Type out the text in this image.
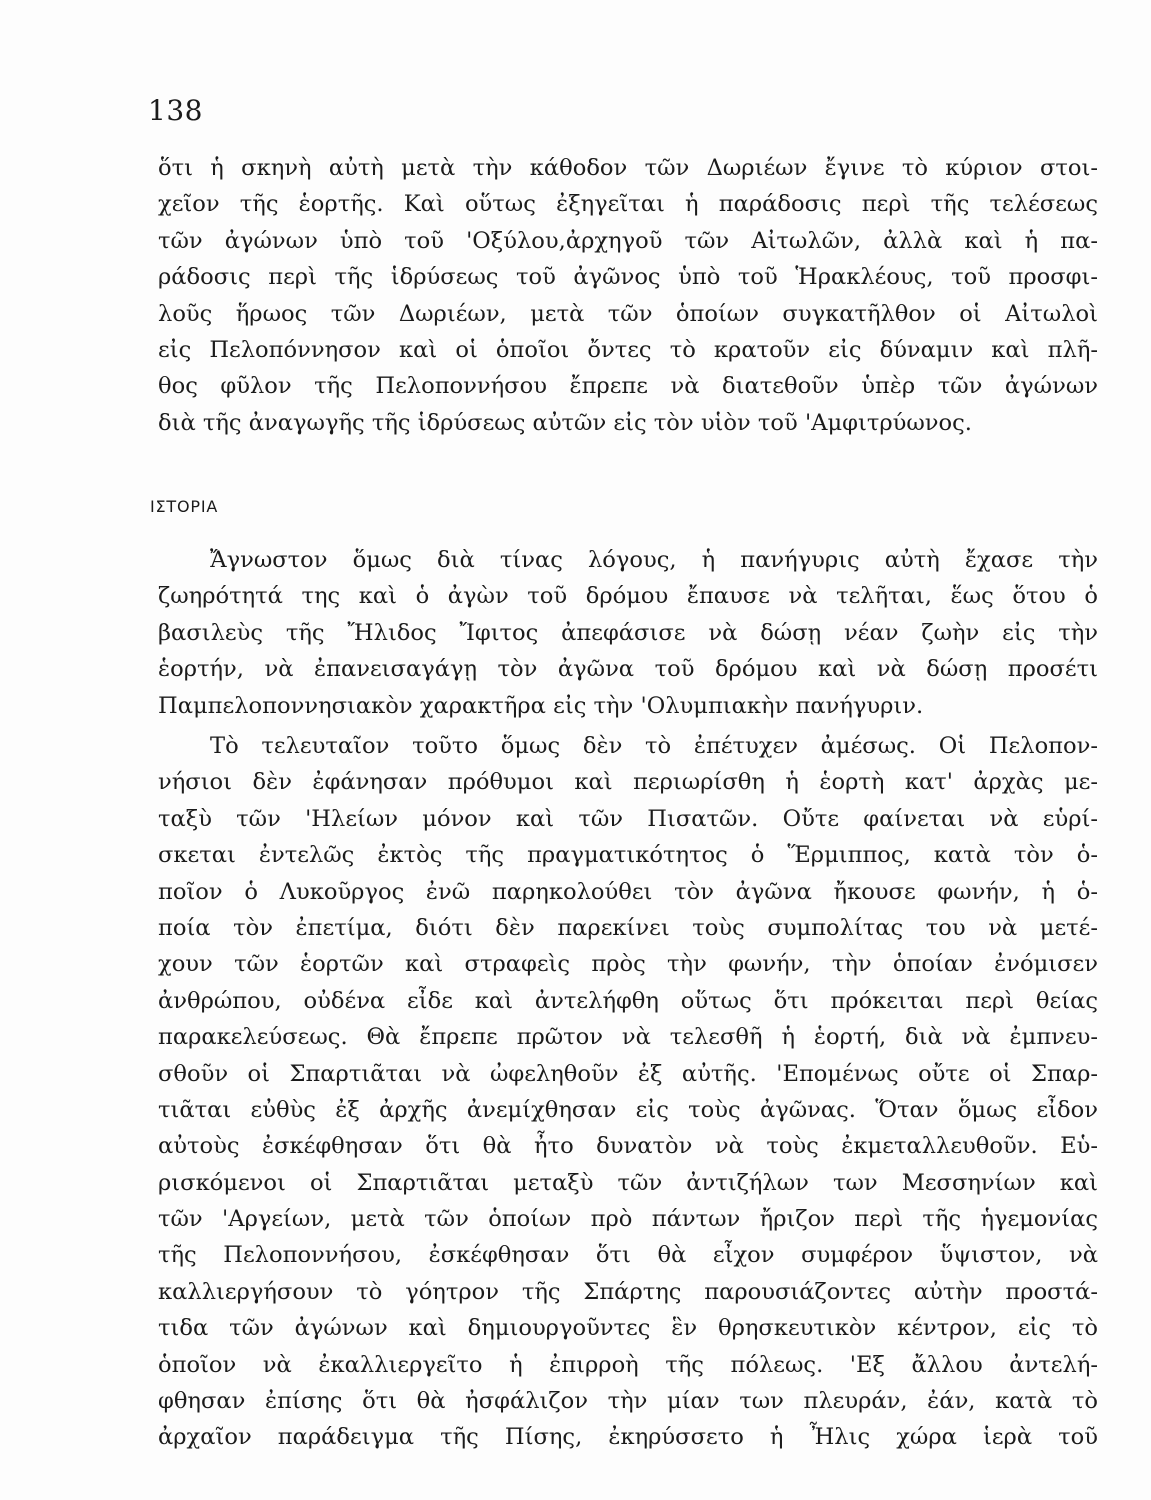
138
ὅτι ἡ σκηνὴ αὐτὴ μετὰ τὴν κάθοδον τῶν Δωριέων ἔγινε τὸ κύριον στοι-
χεῖον τῆς ἑορτῆς. Καὶ οὕτως ἐξηγεῖται ἡ παράδοσις περὶ τῆς τελέσεως
τῶν ἀγώνων ὑπὸ τοῦ 'Οξύλου,ἀρχηγοῦ τῶν Αἰτωλῶν, ἀλλὰ καὶ ἡ πα-
ράδοσις περὶ τῆς ἱδρύσεως τοῦ ἀγῶνος ὑπὸ τοῦ Ἡρακλέους, τοῦ προσφι-
λοῦς ἥρωος τῶν Δωριέων, μετὰ τῶν ὁποίων συγκατῆλθον οἱ Αἰτωλοὶ
εἰς Πελοπόννησον καὶ οἱ ὁποῖοι ὄντες τὸ κρατοῦν εἰς δύναμιν καὶ πλῆ-
θος φῦλον τῆς Πελοποννήσου ἔπρεπε νὰ διατεθοῦν ὑπὲρ τῶν ἀγώνων
διὰ τῆς ἀναγωγῆς τῆς ἱδρύσεως αὐτῶν εἰς τὸν υἱὸν τοῦ 'Αμφιτρύωνος.
ΙΣΤΟΡΙΑ
Ἄγνωστον ὅμως διὰ τίνας λόγους, ἡ πανήγυρις αὐτὴ ἔχασε τὴν
ζωηρότητά της καὶ ὁ ἀγὼν τοῦ δρόμου ἔπαυσε νὰ τελῆται, ἕως ὅτου ὁ
βασιλεὺς τῆς Ἤλιδος Ἴφιτος ἀπεφάσισε νὰ δώσῃ νέαν ζωὴν εἰς τὴν
ἑορτήν, νὰ ἐπανεισαγάγῃ τὸν ἀγῶνα τοῦ δρόμου καὶ νὰ δώσῃ προσέτι
Παμπελοποννησιακὸν χαρακτῆρα εἰς τὴν 'Ολυμπιακὴν πανήγυριν.
Τὸ τελευταῖον τοῦτο ὅμως δὲν τὸ ἐπέτυχεν ἀμέσως. Οἱ Πελοπον-
νήσιοι δὲν ἐφάνησαν πρόθυμοι καὶ περιωρίσθη ἡ ἑορτὴ κατ' ἀρχὰς με-
ταξὺ τῶν 'Ηλείων μόνον καὶ τῶν Πισατῶν. Οὔτε φαίνεται νὰ εὑρί-
σκεται ἐντελῶς ἐκτὸς τῆς πραγματικότητος ὁ Ἕρμιππος, κατὰ τὸν ὁ-
ποῖον ὁ Λυκοῦργος ἐνῶ παρηκολούθει τὸν ἀγῶνα ἤκουσε φωνήν, ἡ ὁ-
ποία τὸν ἐπετίμα, διότι δὲν παρεκίνει τοὺς συμπολίτας του νὰ μετέ-
χουν τῶν ἑορτῶν καὶ στραφεὶς πρὸς τὴν φωνήν, τὴν ὁποίαν ἐνόμισεν
ἀνθρώπου, οὐδένα εἶδε καὶ ἀντελήφθη οὕτως ὅτι πρόκειται περὶ θείας
παρακελεύσεως. Θὰ ἔπρεπε πρῶτον νὰ τελεσθῆ ἡ ἑορτή, διὰ νὰ ἐμπνευ-
σθοῦν οἱ Σπαρτιᾶται νὰ ὠφεληθοῦν ἐξ αὐτῆς. 'Επομένως οὔτε οἱ Σπαρ-
τιᾶται εὐθὺς ἐξ ἀρχῆς ἀνεμίχθησαν εἰς τοὺς ἀγῶνας. Ὅταν ὅμως εἶδον
αὐτοὺς ἐσκέφθησαν ὅτι θὰ ἦτο δυνατὸν νὰ τοὺς ἐκμεταλλευθοῦν. Εὑ-
ρισκόμενοι οἱ Σπαρτιᾶται μεταξὺ τῶν ἀντιζήλων των Μεσσηνίων καὶ
τῶν 'Αργείων, μετὰ τῶν ὁποίων πρὸ πάντων ἤριζον περὶ τῆς ἡγεμονίας
τῆς Πελοποννήσου, ἐσκέφθησαν ὅτι θὰ εἶχον συμφέρον ὕψιστον, νὰ
καλλιεργήσουν τὸ γόητρον τῆς Σπάρτης παρουσιάζοντες αὐτὴν προστά-
τιδα τῶν ἀγώνων καὶ δημιουργοῦντες ἓν θρησκευτικὸν κέντρον, εἰς τὸ
ὁποῖον νὰ ἐκαλλιεργεῖτο ἡ ἐπιρροὴ τῆς πόλεως. 'Εξ ἄλλου ἀντελή-
φθησαν ἐπίσης ὅτι θὰ ἠσφάλιζον τὴν μίαν των πλευράν, ἐάν, κατὰ τὸ
ἀρχαῖον παράδειγμα τῆς Πίσης, ἐκηρύσσετο ἡ Ἦλις χώρα ἱερὰ τοῦ
